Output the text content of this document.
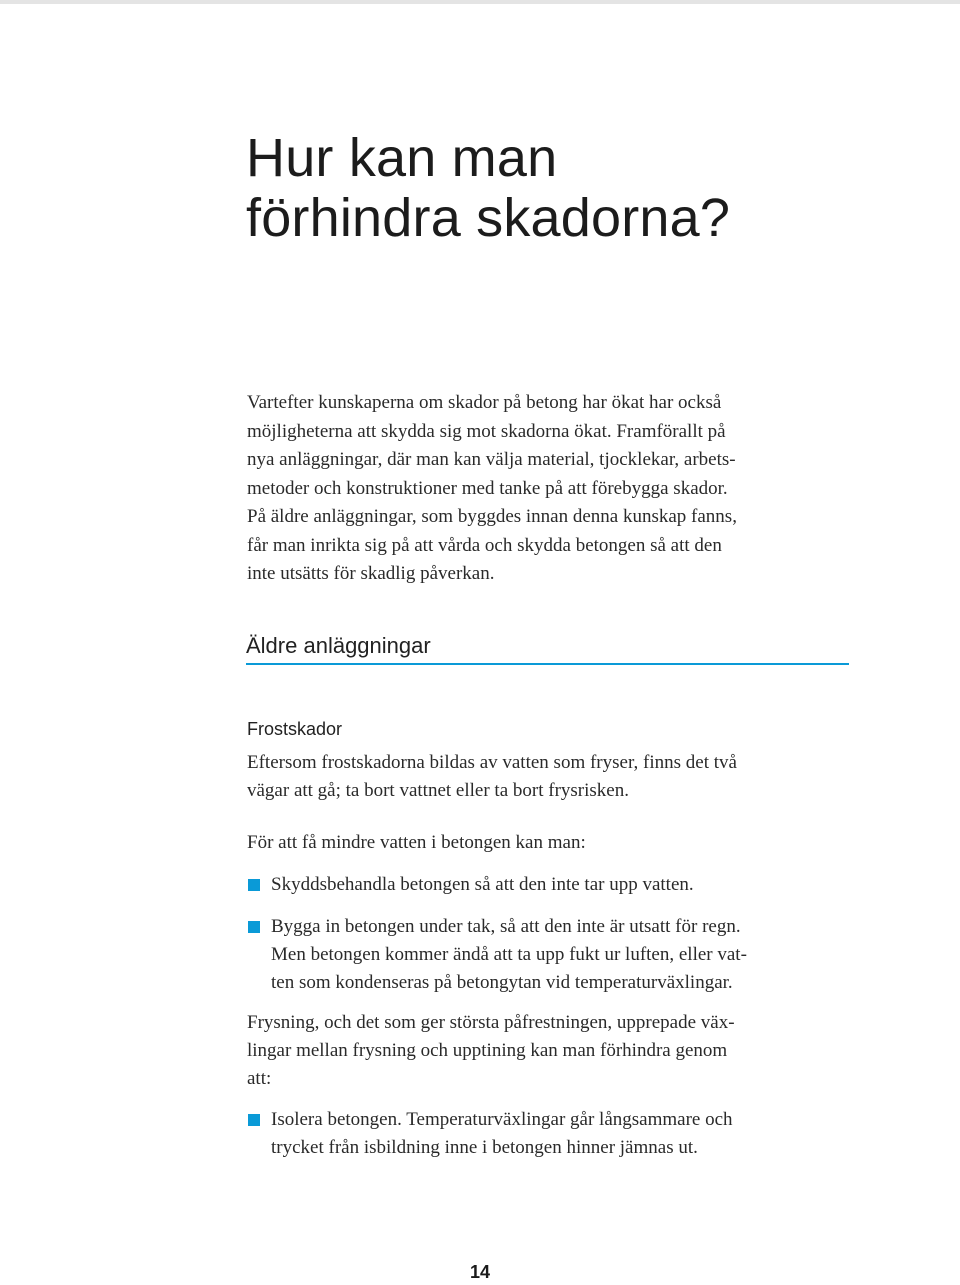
Hur kan man
förhindra skadorna?

Vartefter kunskaperna om skador på betong har ökat har också
möjligheterna att skydda sig mot skadorna ökat. Framförallt på
nya anläggningar, där man kan välja material, tjocklekar, arbets-
metoder och konstruktioner med tanke på att förebygga skador.
På äldre anläggningar, som byggdes innan denna kunskap fanns,
får man inrikta sig på att vårda och skydda betongen så att den
inte utsätts för skadlig påverkan.

Äldre anläggningar
Frostskador

Eftersom frostskadorna bildas av vatten som fryser, finns det två
vägar att gå; ta bort vattnet eller ta bort frysrisken.

För att få mindre vatten i betongen kan man:

Skyddsbehandla betongen så att den inte tar upp vatten.
Bygga in betongen under tak, så att den inte är utsatt för regn.
Men betongen kommer ändå att ta upp fukt ur luften, eller vat-
ten som kondenseras på betongytan vid temperaturväxlingar.

Frysning, och det som ger största påfrestningen, upprepade väx-
lingar mellan frysning och upptining kan man förhindra genom
att:

Isolera betongen. Temperaturväxlingar går långsammare och
trycket från isbildning inne i betongen hinner jämnas ut.
14
